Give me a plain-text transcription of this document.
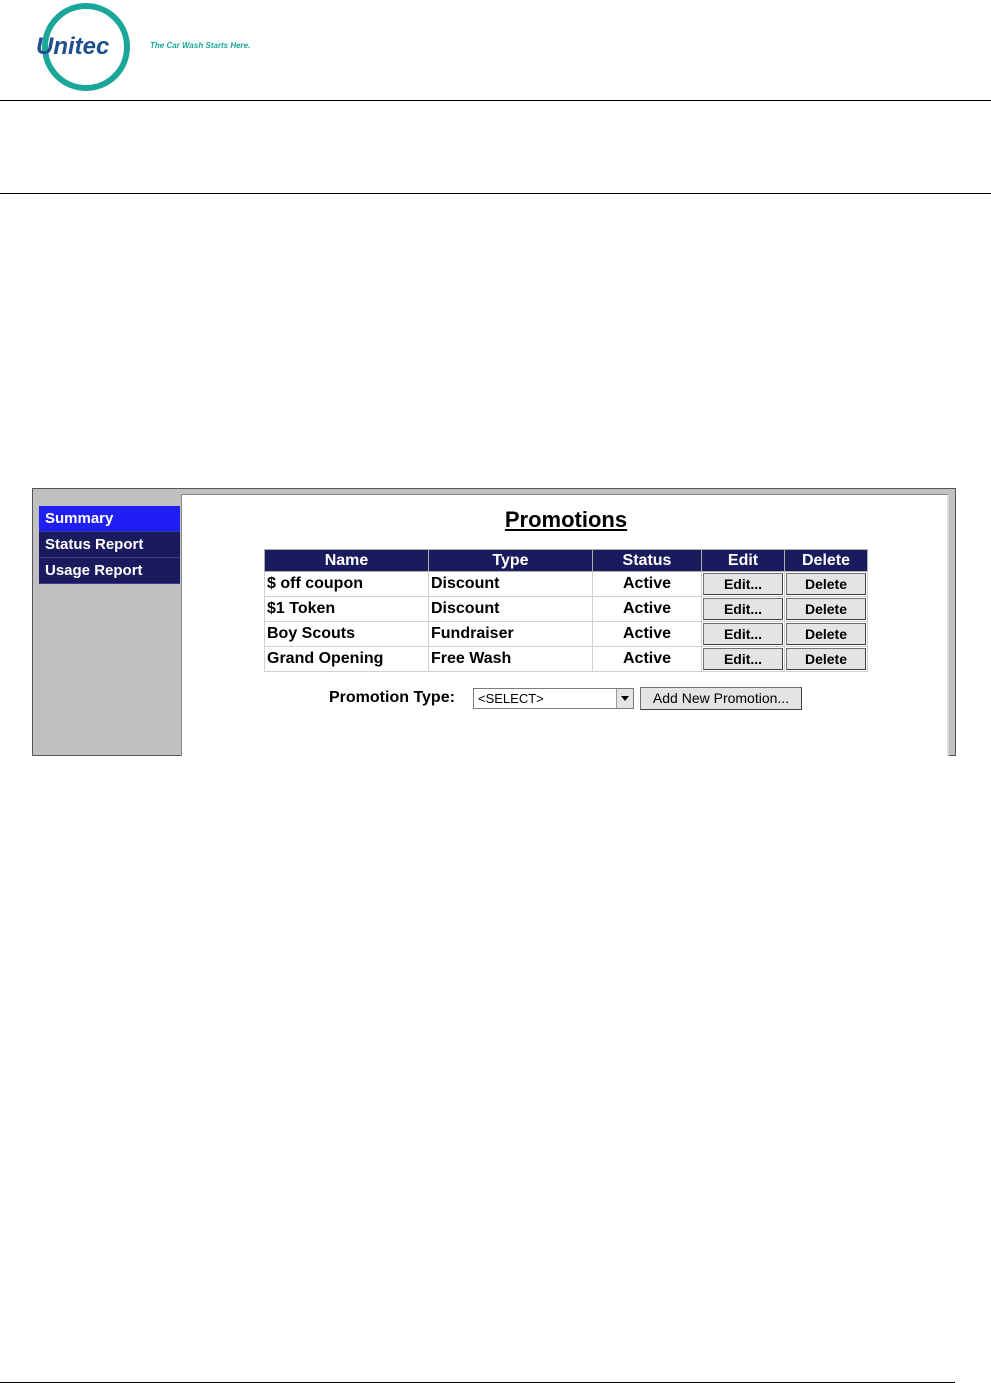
Unitec	The Car Wash Starts Here.
Summary
Status Report
Usage Report
Promotions
Name	Type	Status	Edit	Delete
$ off coupon	Discount	Active	Edit...	Delete
$1 Token	Discount	Active	Edit...	Delete
Boy Scouts	Fundraiser	Active	Edit...	Delete
Grand Opening	Free Wash	Active	Edit...	Delete
Promotion Type:	<SELECT>	Add New Promotion...
